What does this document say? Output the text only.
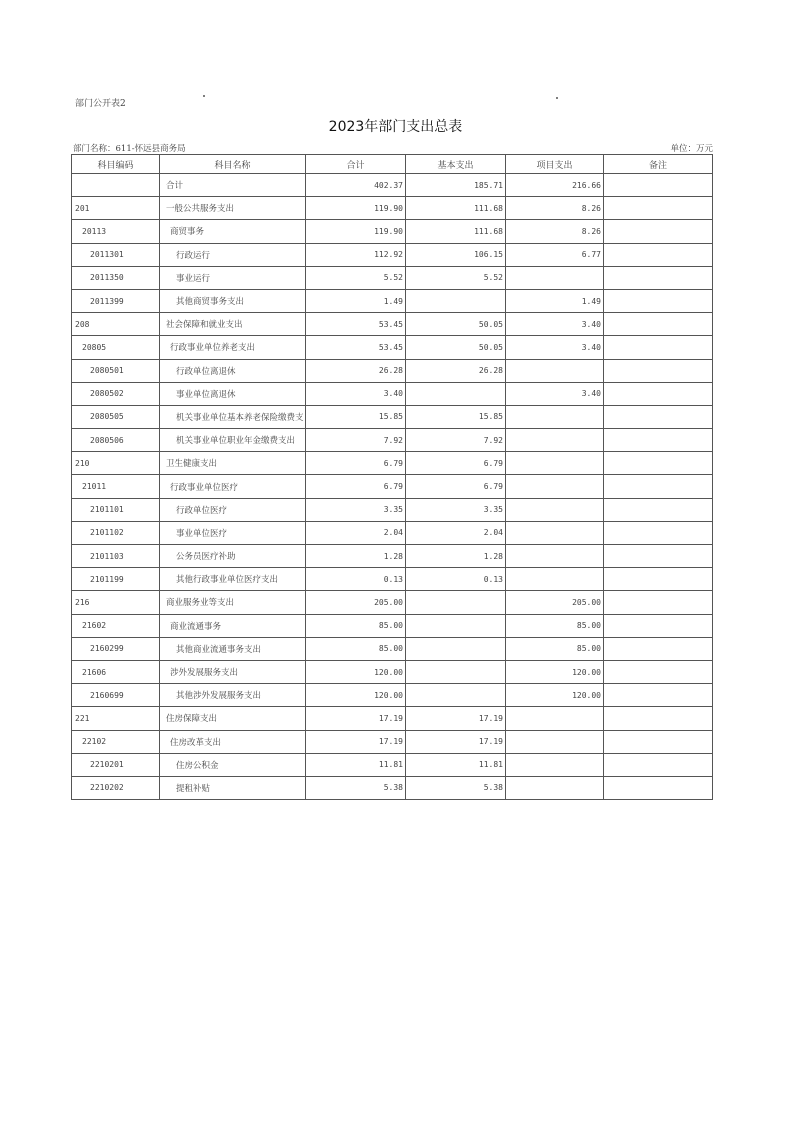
部门公开表2
2023年部门支出总表
部门名称：611-怀远县商务局	单位：万元
科目编码	科目名称	合计	基本支出	项目支出	备注
	合计	402.37	185.71	216.66	
201	一般公共服务支出	119.90	111.68	8.26	
20113	商贸事务	119.90	111.68	8.26	
2011301	行政运行	112.92	106.15	6.77	
2011350	事业运行	5.52	5.52		
2011399	其他商贸事务支出	1.49		1.49	
208	社会保障和就业支出	53.45	50.05	3.40	
20805	行政事业单位养老支出	53.45	50.05	3.40	
2080501	行政单位离退休	26.28	26.28		
2080502	事业单位离退休	3.40		3.40	
2080505	机关事业单位基本养老保险缴费支	15.85	15.85		
2080506	机关事业单位职业年金缴费支出	7.92	7.92		
210	卫生健康支出	6.79	6.79		
21011	行政事业单位医疗	6.79	6.79		
2101101	行政单位医疗	3.35	3.35		
2101102	事业单位医疗	2.04	2.04		
2101103	公务员医疗补助	1.28	1.28		
2101199	其他行政事业单位医疗支出	0.13	0.13		
216	商业服务业等支出	205.00		205.00	
21602	商业流通事务	85.00		85.00	
2160299	其他商业流通事务支出	85.00		85.00	
21606	涉外发展服务支出	120.00		120.00	
2160699	其他涉外发展服务支出	120.00		120.00	
221	住房保障支出	17.19	17.19		
22102	住房改革支出	17.19	17.19		
2210201	住房公积金	11.81	11.81		
2210202	提租补贴	5.38	5.38		
